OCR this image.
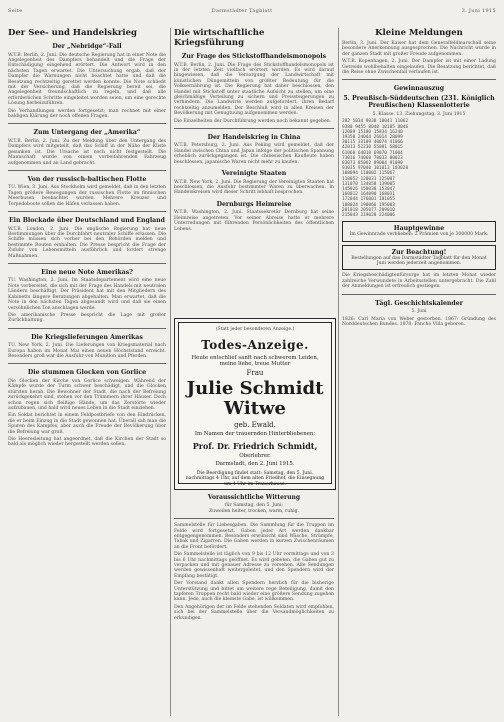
Seite	Darmstädter Tagblatt	3. Juni 1915
Der See- und Handelskrieg
Der „Nebridge“-Fall
W.T.B. Berlin, 2. Juni. Die deutsche Regierung hat in einer Note die Angelegenheit des Dampfers behandelt und die Frage der Entschädigung eingehend erörtert. Die Antwort wird in den nächsten Tagen erwartet. Die Untersuchung ergab, daß der Dampfer die Warnungen nicht beachtet hatte und daß die Besatzung rechtzeitig gerettet werden konnte. Die Note schließt mit der Versicherung, daß die Regierung bereit sei, die Angelegenheit freundschaftlich zu regeln, und daß alle erforderlichen Schritte eingeleitet worden seien, um eine gerechte Lösung herbeizuführen.
Die Verhandlungen werden fortgesetzt; man rechnet mit einer baldigen Klärung der noch offenen Fragen.
Zum Untergang der „Amerika“
W.T.B. Berlin, 2. Juni. Zu der Meldung über den Untergang des Dampfers wird mitgeteilt, daß das Schiff in der Nähe der Küste gesunken ist. Die Ursache ist noch nicht festgestellt. Die Mannschaft wurde von einem vorbeifahrenden Fahrzeug aufgenommen und an Land gebracht.
Von der russisch-baltischen Flotte
TU. Wien, 3. Juni. Aus Stockholm wird gemeldet, daß in den letzten Tagen größere Bewegungen der russischen Flotte im finnischen Meerbusen beobachtet wurden. Mehrere Kreuzer und Torpedoboote sollen die Häfen verlassen haben.
Ein Blockade über Deutschland und England
W.T.B. London, 2. Juni. Die englische Regierung hat neue Bestimmungen über die Durchfahrt neutraler Schiffe erlassen. Die Schiffe müssen sich vorher bei den Behörden melden und bestimmte Routen einhalten. Die Presse bespricht die Frage der Zufuhr von Lebensmitteln ausführlich und fordert strenge Maßnahmen.
Eine neue Note Amerikas?
TU. Washington, 2. Juni. Im Staatsdepartement wird eine neue Note vorbereitet, die sich mit der Frage des Handels mit neutralen Ländern beschäftigt. Der Präsident hat mit den Mitgliedern des Kabinetts längere Beratungen abgehalten. Man erwartet, daß die Note in den nächsten Tagen abgesandt wird und daß sie einen versöhnlichen Ton anschlagen werde.
Die amerikanische Presse bespricht die Lage mit großer Zurückhaltung.
Die Kriegslieferungen Amerikas
TU. New York, 2. Juni. Die Lieferungen von Kriegsmaterial nach Europa haben im Monat Mai einen neuen Höchststand erreicht. Besonders groß war die Ausfuhr von Munition und Pferden.
Die stummen Glocken von Gorlice
Die Glocken der Kirche von Gorlice schweigen. Während der Kämpfe wurde der Turm schwer beschädigt, und die Glocken stürzten herab. Die Bewohner der Stadt, die nach der Befreiung zurückgekehrt sind, stehen vor den Trümmern ihrer Häuser. Doch schon regen sich fleißige Hände, um das Zerstörte wieder aufzubauen, und bald wird neues Leben in die Stadt einziehen.
Ein Soldat berichtet in einem Feldpostbriefe von den Eindrücken, die er beim Einzug in die Stadt gewonnen hat. Überall sah man die Spuren des Kampfes, aber auch die Freude der Bevölkerung über die Befreiung war groß.
Die Heeresleitung hat angeordnet, daß die Kirchen der Stadt so bald als möglich wieder hergestellt werden sollen.
Die wirtschaftliche Kriegsführung
Zur Frage des Stickstoffhandelsmonopols
W.T.B. Berlin, 2. Juni. Die Frage des Stickstoffhandelsmonopols ist in der letzten Zeit vielfach erörtert worden. Es wird darauf hingewiesen, daß die Versorgung der Landwirtschaft mit künstlichen Düngemitteln von größter Bedeutung für die Volksernährung ist. Die Regierung hat daher beschlossen, den Handel mit Stickstoff unter staatliche Aufsicht zu stellen, um eine gleichmäßige Verteilung zu sichern und Preissteigerungen zu verhindern. Die Landwirte werden aufgefordert, ihren Bedarf rechtzeitig anzumelden. Der Beschluß wird in allen Kreisen der Bevölkerung mit Genugtuung aufgenommen werden.
Die Einzelheiten der Durchführung werden noch bekannt gegeben.
Der Handelskrieg in China
W.T.B. Petersburg, 2. Juni. Aus Peking wird gemeldet, daß der Handel zwischen China und Japan infolge der politischen Spannung erheblich zurückgegangen ist. Die chinesischen Kaufleute haben beschlossen, japanische Waren nicht mehr zu kaufen.
Vereinigte Staaten
W.T.B. New York, 2. Juni. Die Regierung der Vereinigten Staaten hat beschlossen, die Ausfuhr bestimmter Waren zu überwachen. In Handelskreisen wird dieser Schritt lebhaft besprochen.
Dernburgs Heimreise
W.T.B. Washington, 2. Juni. Staatssekretär Dernburg hat seine Heimreise angetreten. Vor seiner Abreise hatte er mehrere Unterredungen mit führenden Persönlichkeiten des öffentlichen Lebens.
(Statt jeder besonderen Anzeige.)
Todes-Anzeige.
Heute entschlief sanft nach schwerem Leiden, meine liebe, treue Mutter
Frau
Julie Schmidt Witwe
geb. Ewald.
Im Namen der trauernden Hinterbliebenen:
Prof. Dr. Friedrich Schmidt,
Oberlehrer.
Darmstadt, den 2. Juni 1915.
Die Beerdigung findet statt: Samstag, den 5. Juni, nachmittags 4 Uhr, auf dem alten Friedhof, die Einsegnung um 4 Uhr im Trauerhause.
Voraussichtliche Witterung
für Samstag, den 5. Juni:
Zuweilen heiter, trocken, warm, ruhig.
Sammelstelle für Liebesgaben. Die Sammlung für die Truppen im Felde wird fortgesetzt. Gaben jeder Art werden dankbar entgegengenommen. Besonders erwünscht sind Wäsche, Strümpfe, Tabak und Zigarren. Die Gaben werden in kurzen Zwischenräumen an die Front befördert.
Die Sammelstelle ist täglich von 9 bis 12 Uhr vormittags und von 3 bis 6 Uhr nachmittags geöffnet. Es wird gebeten, die Gaben gut zu verpacken und mit genauer Adresse zu versehen. Alle Sendungen werden gewissenhaft weitergeleitet, und den Spendern wird der Empfang bestätigt.
Der Vorstand dankt allen Spendern herzlich für die bisherige Unterstützung und bittet um weitere rege Beteiligung, damit den tapferen Truppen recht bald wieder eine größere Sendung zugehen kann. Jede, auch die kleinste Gabe, ist willkommen.
Den Angehörigen der im Felde stehenden Soldaten wird empfohlen, sich bei der Sammelstelle über die Versandmöglichkeiten zu erkundigen.
Kleine Meldungen
Berlin, 3. Juni. Der Kaiser hat dem Generalfeldmarschall seine besondere Anerkennung ausgesprochen. Die Nachricht wurde in der ganzen Stadt mit großer Freude aufgenommen.
W.T.B. Kopenhagen, 2. Juni. Der Dampfer ist mit einer Ladung Getreide wohlbehalten eingelaufen. Die Besatzung berichtet, daß die Reise ohne Zwischenfall verlaufen ist.
Gewinnauszug
5. Preußisch-Süddeutschen (231. Königlich Preußischen) Klassenlotterie
5. Klasse. 13. Ziehungstag. 3. Juni 1915
282 5034 9038 10041 11062
9380 9455 8040 10105 8046
12089 15180 15834 16240
19350 24044 26014 28099
30115 33109 40074 41066
42013 52230 55081 58015
61060 64018 69070 71004
73016 74068 78033 80023
83073 85062 89004 91090
93035 97040 101013 103028
108094 110002 115067
118052 120031 125007
131070 134058 139005
145026 150038 153047
160012 164090 168031
172044 176001 181055
188024 190066 195003
201018 205077 209010
215043 219028 224006
Hauptgewinne
Im Gewinnrade verblieben: 2 Prämien von je 300000 Mark.
Zur Beachtung!
Bestellungen auf das Darmstädter Tagblatt für den Monat Juni werden jederzeit angenommen.
Die Kriegsbeschädigtenfürsorge hat im letzten Monat wieder zahlreiche Verwundete in Arbeitsstellen untergebracht. Die Zahl der Anmeldungen ist erfreulich gestiegen.
Tägl. Geschichtskalender
5. Juni
1826: Carl Maria von Weber gestorben. 1867: Gründung des Norddeutschen Bundes. 1878: Pancho Villa geboren.
